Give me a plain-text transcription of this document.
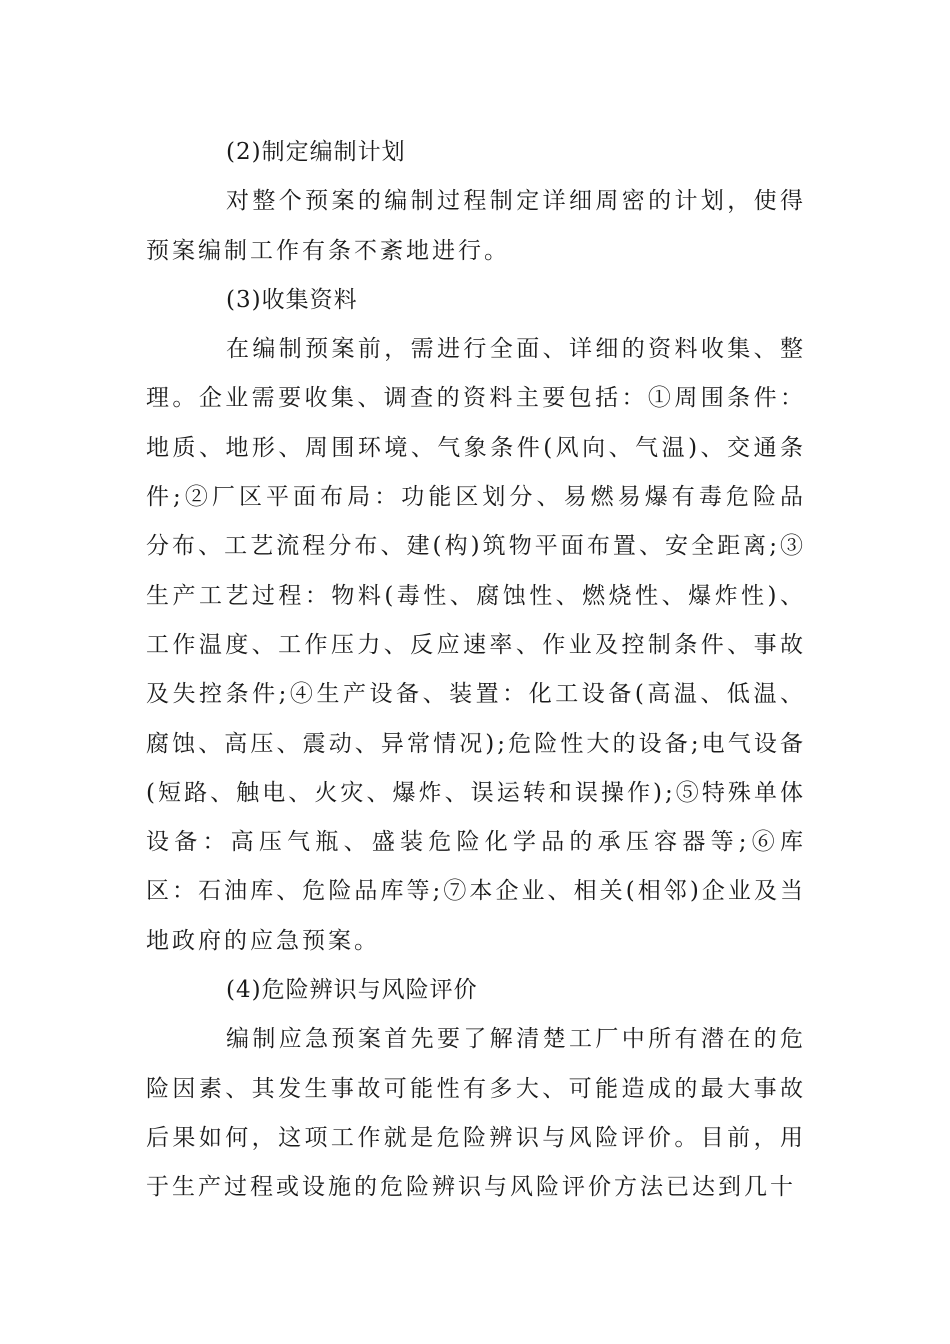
(2)制定编制计划

对整个预案的编制过程制定详细周密的计划，使得预案编制工作有条不紊地进行。

(3)收集资料

在编制预案前，需进行全面、详细的资料收集、整理。企业需要收集、调查的资料主要包括：①周围条件：地质、地形、周围环境、气象条件(风向、气温)、交通条件;②厂区平面布局：功能区划分、易燃易爆有毒危险品分布、工艺流程分布、建(构)筑物平面布置、安全距离;③生产工艺过程：物料(毒性、腐蚀性、燃烧性、爆炸性)、工作温度、工作压力、反应速率、作业及控制条件、事故及失控条件;④生产设备、装置：化工设备(高温、低温、腐蚀、高压、震动、异常情况);危险性大的设备;电气设备(短路、触电、火灾、爆炸、误运转和误操作);⑤特殊单体设备：高压气瓶、盛装危险化学品的承压容器等;⑥库区：石油库、危险品库等;⑦本企业、相关(相邻)企业及当地政府的应急预案。

(4)危险辨识与风险评价

编制应急预案首先要了解清楚工厂中所有潜在的危险因素、其发生事故可能性有多大、可能造成的最大事故后果如何，这项工作就是危险辨识与风险评价。目前，用于生产过程或设施的危险辨识与风险评价方法已达到几十
